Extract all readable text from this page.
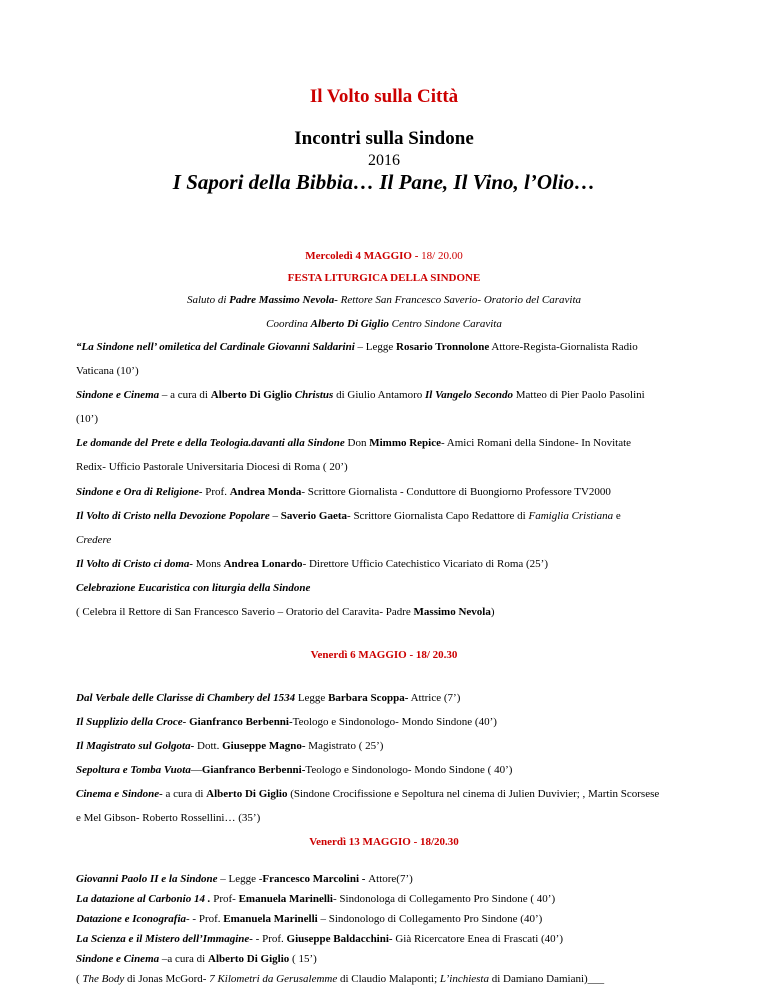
Il Volto sulla Città
Incontri sulla Sindone
2016
I Sapori della Bibbia… Il Pane, Il Vino, l’Olio…
Mercoledì 4 MAGGIO - 18/ 20.00
FESTA LITURGICA DELLA SINDONE
Saluto di Padre Massimo Nevola- Rettore San Francesco Saverio- Oratorio del Caravita
Coordina Alberto Di Giglio Centro Sindone Caravita
“La Sindone nell’ omiletica del Cardinale Giovanni Saldarini – Legge Rosario Tronnolone Attore-Regista-Giornalista Radio
Vaticana (10’)
Sindone e Cinema – a cura di Alberto Di Giglio Christus di Giulio Antamoro Il Vangelo Secondo Matteo di Pier Paolo Pasolini
(10’)
Le domande del Prete e della Teologia.davanti alla Sindone Don Mimmo Repice- Amici Romani della Sindone- In Novitate
Redix- Ufficio Pastorale Universitaria Diocesi di Roma ( 20’)
Sindone e Ora di Religione- Prof. Andrea Monda- Scrittore Giornalista - Conduttore di Buongiorno Professore TV2000
Il Volto di Cristo nella Devozione Popolare – Saverio Gaeta- Scrittore Giornalista Capo Redattore di Famiglia Cristiana e
Credere
Il Volto di Cristo ci doma- Mons Andrea Lonardo- Direttore Ufficio Catechistico Vicariato di Roma (25’)
Celebrazione Eucaristica con liturgia della Sindone
( Celebra il Rettore di San Francesco Saverio – Oratorio del Caravita- Padre Massimo Nevola)
Venerdì 6 MAGGIO - 18/ 20.30
Dal Verbale delle Clarisse di Chambery del 1534 Legge Barbara Scoppa- Attrice (7’)
Il Supplizio della Croce- Gianfranco Berbenni-Teologo e Sindonologo- Mondo Sindone (40’)
Il Magistrato sul Golgota- Dott. Giuseppe Magno- Magistrato ( 25’)
Sepoltura e Tomba Vuota—Gianfranco Berbenni-Teologo e Sindonologo- Mondo Sindone ( 40’)
Cinema e Sindone- a cura di Alberto Di Giglio (Sindone Crocifissione e Sepoltura nel cinema di Julien Duvivier; , Martin Scorsese
e Mel Gibson- Roberto Rossellini… (35’)
Venerdì 13 MAGGIO - 18/20.30
Giovanni Paolo II e la Sindone – Legge -Francesco Marcolini - Attore(7’)
La datazione al Carbonio 14 . Prof- Emanuela Marinelli- Sindonologa di Collegamento Pro Sindone ( 40’)
Datazione e Iconografia- - Prof. Emanuela Marinelli – Sindonologo di Collegamento Pro Sindone (40’)
La Scienza e il Mistero dell’Immagine- - Prof. Giuseppe Baldacchini- Già Ricercatore Enea di Frascati (40’)
Sindone e Cinema –a cura di Alberto Di Giglio ( 15’)
( The Body di Jonas McGord- 7 Kilometri da Gerusalemme di Claudio Malaponti; L’inchiesta di Damiano Damiani)___
